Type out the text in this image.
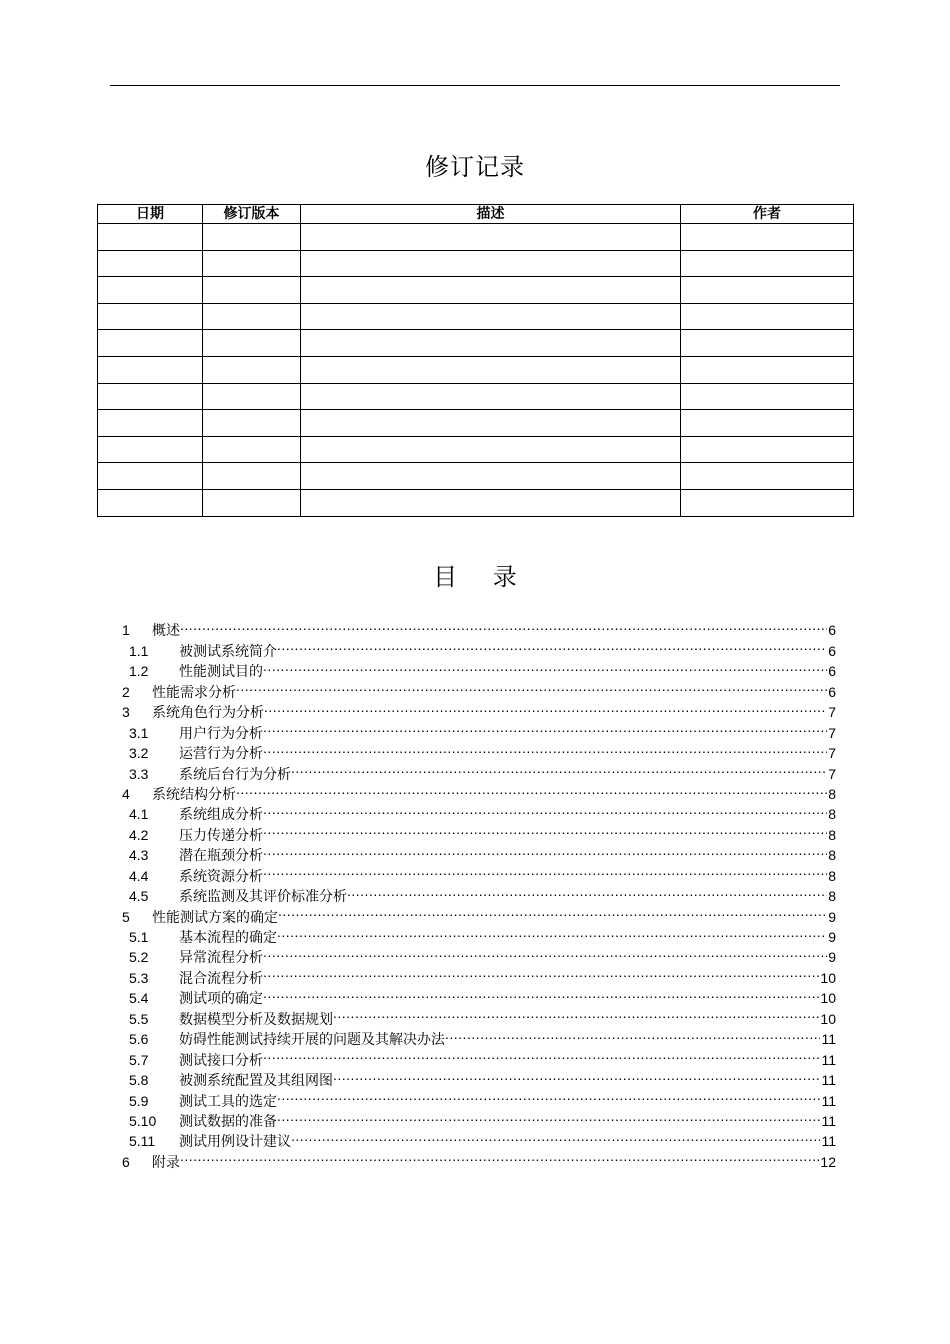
修订记录
日期	修订版本	描述	作者

目 录
1	概述 .....	6
1.1	被测试系统简介 .....	6
1.2	性能测试目的 .....	6
2	性能需求分析 .....	6
3	系统角色行为分析 .....	7
3.1	用户行为分析 .....	7
3.2	运营行为分析 .....	7
3.3	系统后台行为分析 .....	7
4	系统结构分析 .....	8
4.1	系统组成分析 .....	8
4.2	压力传递分析 .....	8
4.3	潜在瓶颈分析 .....	8
4.4	系统资源分析 .....	8
4.5	系统监测及其评价标准分析 .....	8
5	性能测试方案的确定 .....	9
5.1	基本流程的确定 .....	9
5.2	异常流程分析 .....	9
5.3	混合流程分析 .....	10
5.4	测试项的确定 .....	10
5.5	数据模型分析及数据规划 .....	10
5.6	妨碍性能测试持续开展的问题及其解决办法 .....	11
5.7	测试接口分析 .....	11
5.8	被测系统配置及其组网图 .....	11
5.9	测试工具的选定 .....	11
5.10	测试数据的准备 .....	11
5.11	测试用例设计建议 .....	11
6	附录 .....	12
